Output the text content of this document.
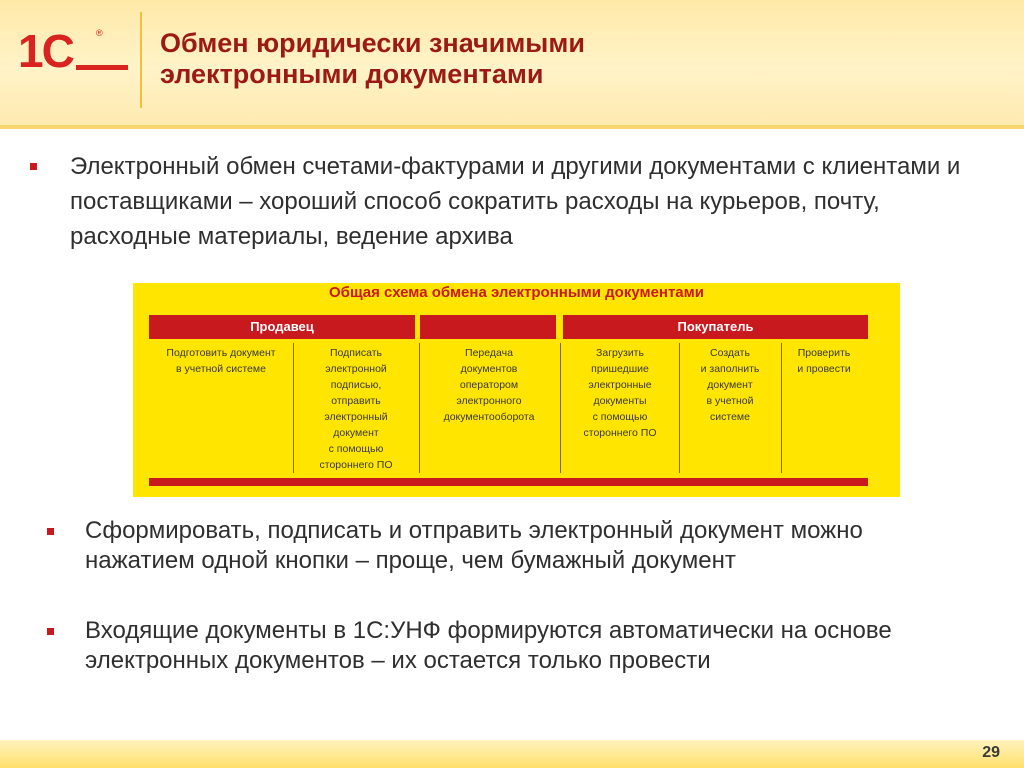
1С	® Обмен юридически значимыми
электронными документами
Электронный обмен счетами-фактурами и другими документами с клиентами и поставщиками – хороший способ сократить расходы на курьеров, почту, расходные материалы, ведение архива
Общая схема обмена электронными документами
Продавец	Покупатель
Подготовить документ
в учетной системе
Подписать
электронной
подписью,
отправить
электронный
документ
с помощью
стороннего ПО
Передача
документов
оператором
электронного
документооборота
Загрузить
пришедшие
электронные
документы
с помощью
стороннего ПО
Создать
и заполнить
документ
в учетной
системе
Проверить
и провести
Сформировать, подписать и отправить электронный документ можно нажатием одной кнопки – проще, чем бумажный документ
Входящие документы в 1С:УНФ формируются автоматически на основе электронных документов – их остается только провести
29
